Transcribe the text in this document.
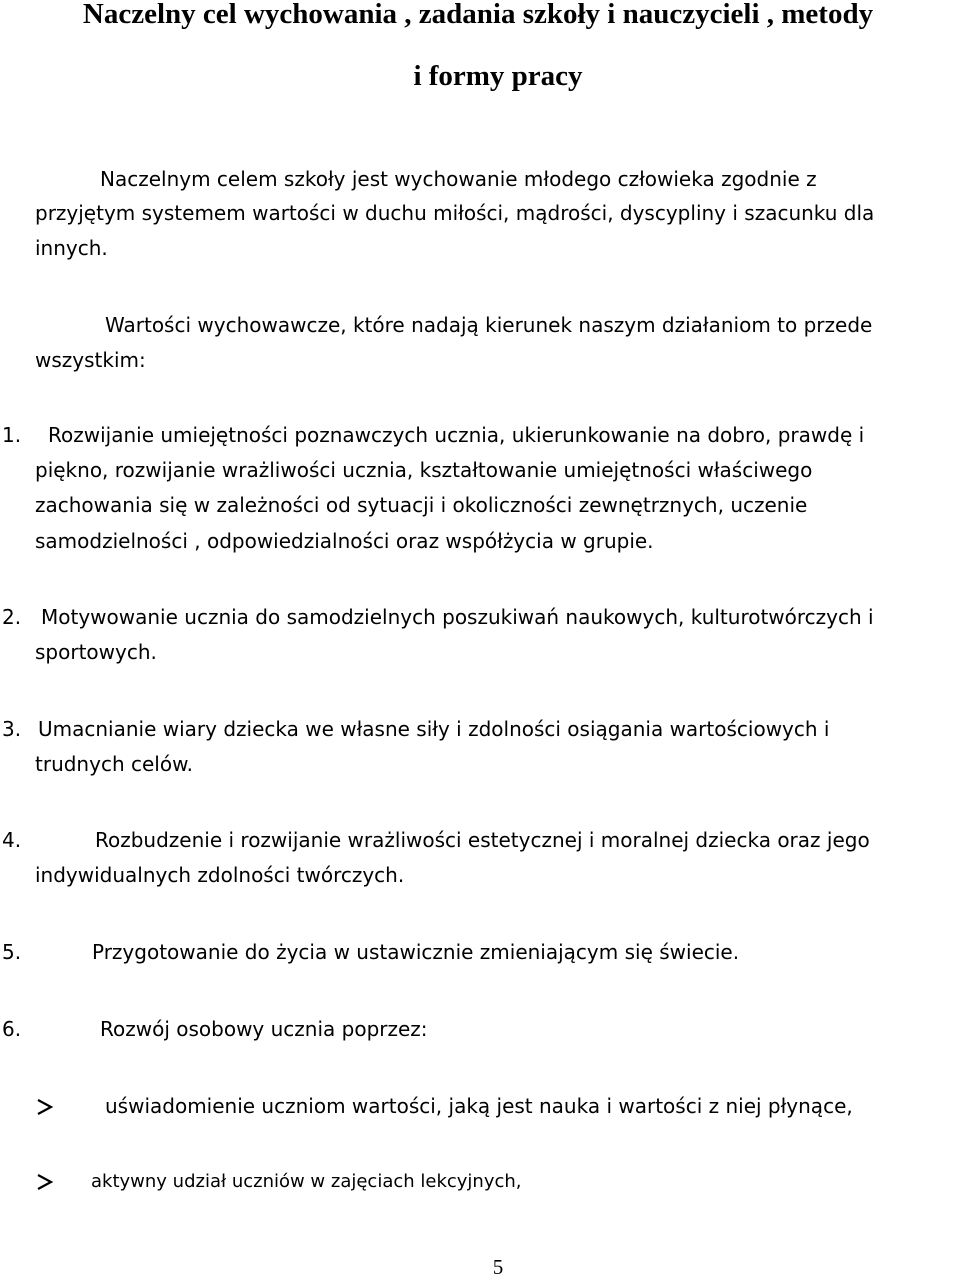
Naczelny cel wychowania , zadania szkoły i nauczycieli , metody
i formy pracy
Naczelnym celem szkoły jest wychowanie młodego człowieka zgodnie z
przyjętym systemem wartości w duchu miłości, mądrości, dyscypliny i szacunku dla
innych.
Wartości wychowawcze, które nadają kierunek naszym działaniom to przede
wszystkim:
1. Rozwijanie umiejętności poznawczych ucznia, ukierunkowanie na dobro, prawdę i
piękno, rozwijanie wrażliwości ucznia, kształtowanie umiejętności właściwego
zachowania się w zależności od sytuacji i okoliczności zewnętrznych, uczenie
samodzielności , odpowiedzialności oraz współżycia w grupie.
2. Motywowanie ucznia do samodzielnych poszukiwań naukowych, kulturotwórczych i
sportowych.
3. Umacnianie wiary dziecka we własne siły i zdolności osiągania wartościowych i
trudnych celów.
4.	Rozbudzenie i rozwijanie wrażliwości estetycznej i moralnej dziecka oraz jego
indywidualnych zdolności twórczych.
5.	Przygotowanie do życia w ustawicznie zmieniającym się świecie.
6.	Rozwój osobowy ucznia poprzez:
uświadomienie uczniom wartości, jaką jest nauka i wartości z niej płynące,
aktywny udział uczniów w zajęciach lekcyjnych,
5
